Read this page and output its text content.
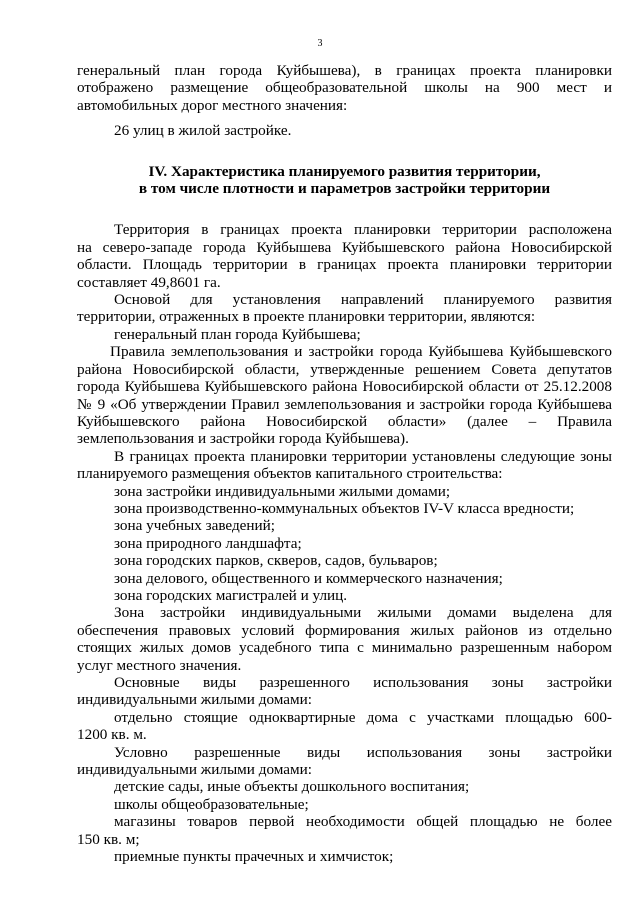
3

генеральный план города Куйбышева), в границах проекта планировки

отображено размещение общеобразовательной школы на 900 мест и

автомобильных дорог местного значения:

26 улиц в жилой застройке.

IV. Характеристика планируемого развития территории,
в том числе плотности и параметров застройки территории

Территория в границах проекта планировки территории расположена

на северо-западе города Куйбышева Куйбышевского района Новосибирской

области. Площадь территории в границах проекта планировки территории

составляет 49,8601 га.

Основой для установления направлений планируемого развития

территории, отраженных в проекте планировки территории, являются:

генеральный план города Куйбышева;

Правила землепользования и застройки города Куйбышева Куйбышевского

района Новосибирской области, утвержденные решением Совета депутатов

города Куйбышева Куйбышевского района Новосибирской области от 25.12.2008

№ 9 «Об утверждении Правил землепользования и застройки города Куйбышева

Куйбышевского района Новосибирской области» (далее – Правила

землепользования и застройки города Куйбышева).

В границах проекта планировки территории установлены следующие зоны

планируемого размещения объектов капитального строительства:

зона застройки индивидуальными жилыми домами;

зона производственно-коммунальных объектов IV-V класса вредности;

зона учебных заведений;

зона природного ландшафта;

зона городских парков, скверов, садов, бульваров;

зона делового, общественного и коммерческого назначения;

зона городских магистралей и улиц.

Зона застройки индивидуальными жилыми домами выделена для

обеспечения правовых условий формирования жилых районов из отдельно

стоящих жилых домов усадебного типа с минимально разрешенным набором

услуг местного значения.

Основные виды разрешенного использования зоны застройки

индивидуальными жилыми домами:

отдельно стоящие одноквартирные дома с участками площадью 600-

1200 кв. м.

Условно разрешенные виды использования зоны застройки

индивидуальными жилыми домами:

детские сады, иные объекты дошкольного воспитания;

школы общеобразовательные;

магазины товаров первой необходимости общей площадью не более

150 кв. м;

приемные пункты прачечных и химчисток;
